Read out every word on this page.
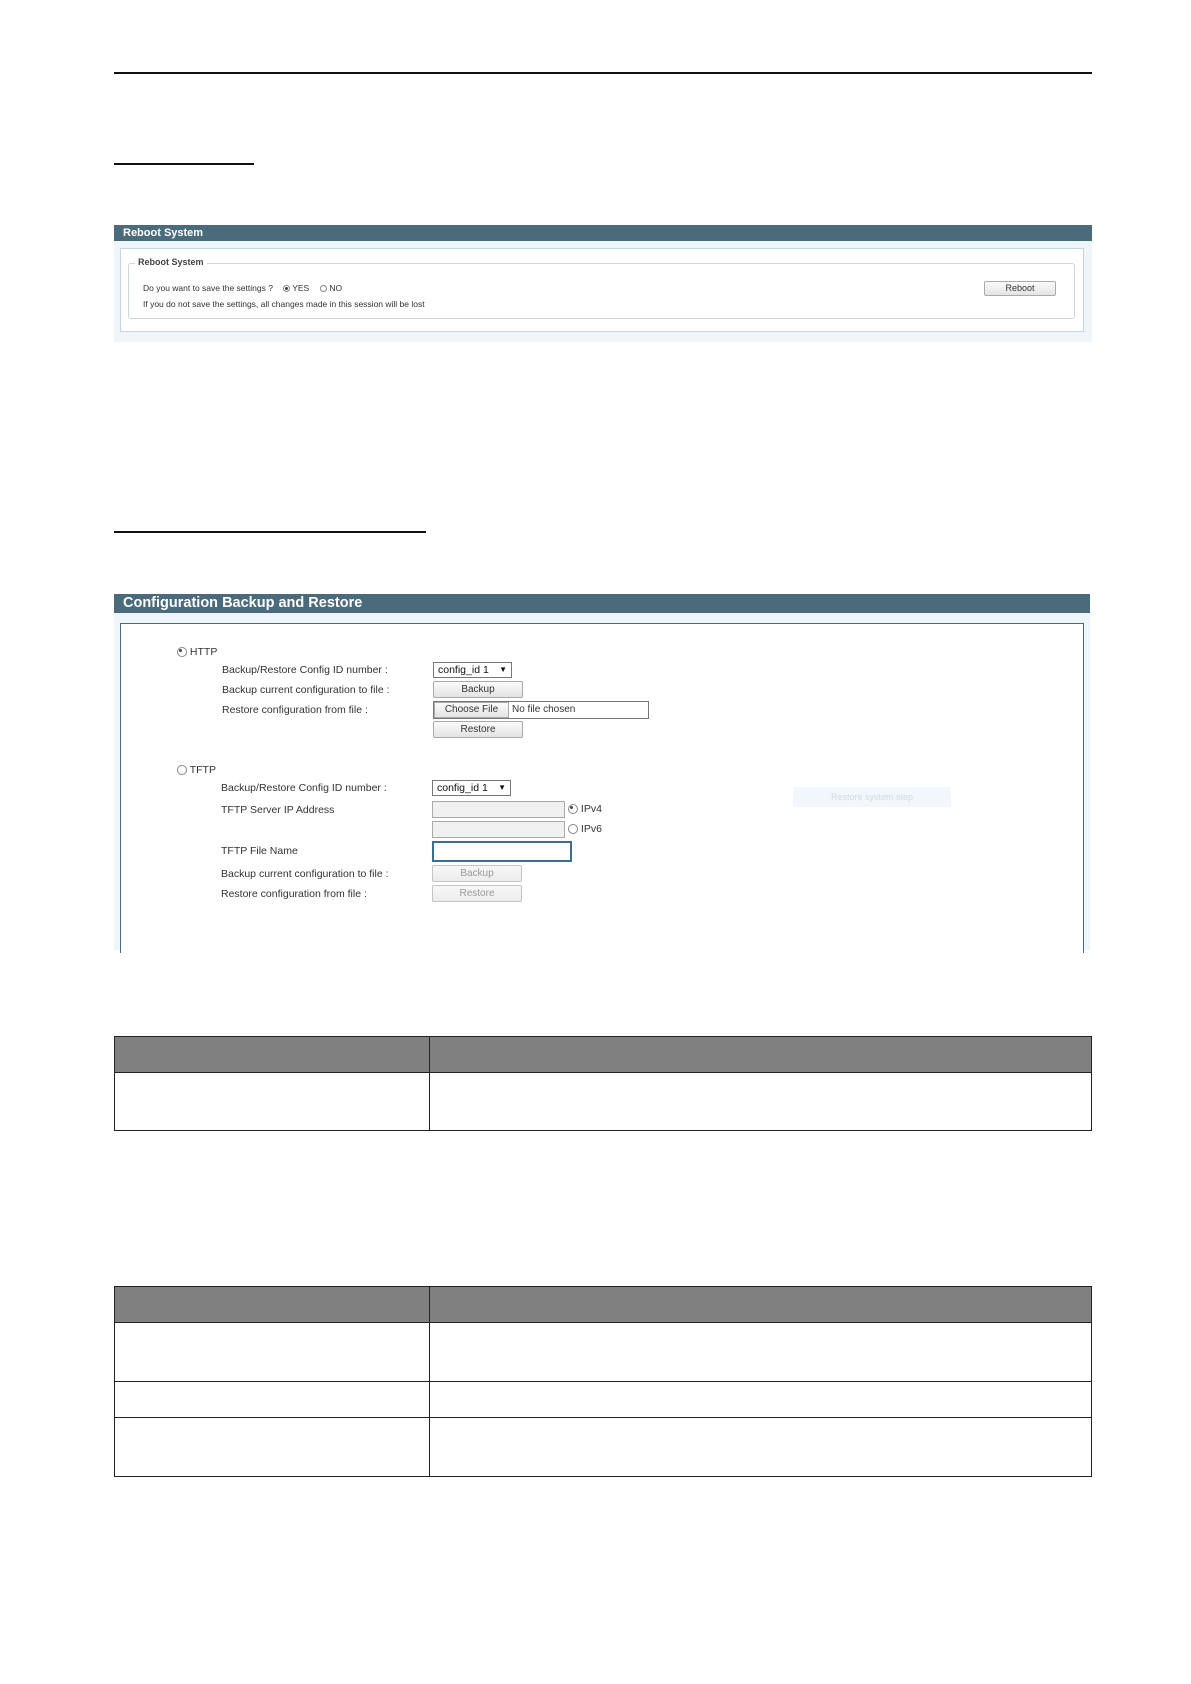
Reboot System
Reboot System
Do you want to save the settings ?	YES	NO
If you do not save the settings, all changes made in this session will be lost
Reboot
Configuration Backup and Restore
HTTP
Backup/Restore Config ID number :	config_id 1 ▼
Backup current configuration to file :	Backup
Restore configuration from file :	Choose File	No file chosen
Restore
TFTP
Backup/Restore Config ID number :	config_id 1 ▼
Restore system step
TFTP Server IP Address	IPv4
IPv6
TFTP File Name
Backup current configuration to file :	Backup
Restore configuration from file :	Restore
